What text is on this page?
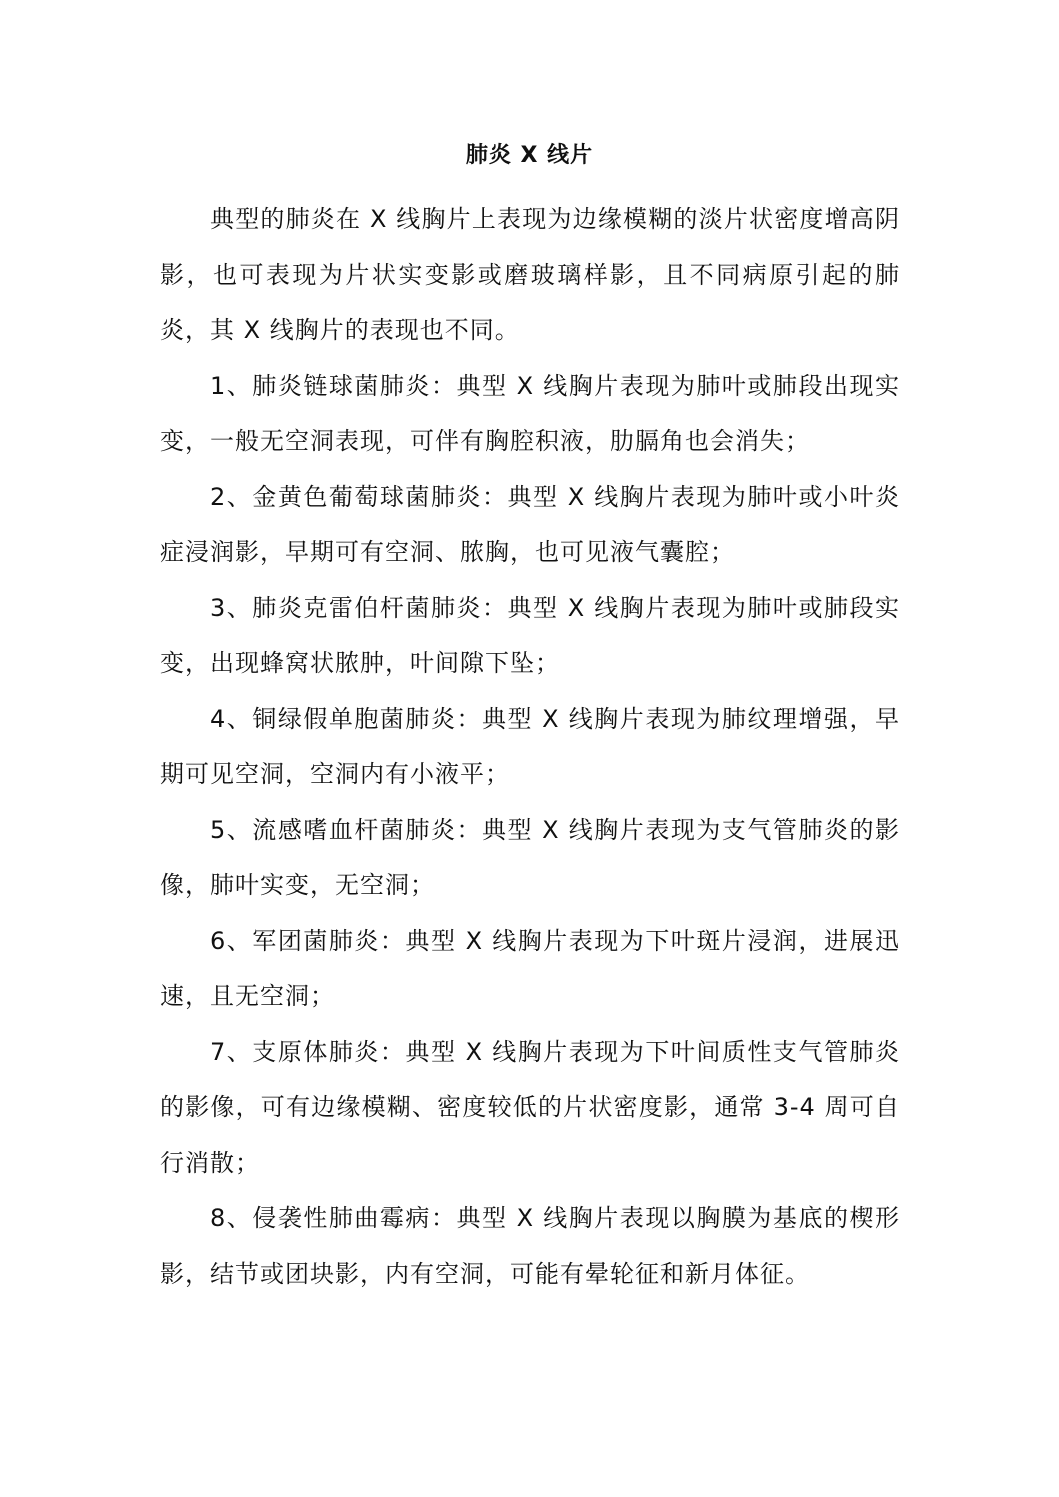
肺炎 X 线片

典型的肺炎在 X 线胸片上表现为边缘模糊的淡片状密度增高阴影，也可表现为片状实变影或磨玻璃样影，且不同病原引起的肺炎，其 X 线胸片的表现也不同。

1、肺炎链球菌肺炎：典型 X 线胸片表现为肺叶或肺段出现实变，一般无空洞表现，可伴有胸腔积液，肋膈角也会消失；

2、金黄色葡萄球菌肺炎：典型 X 线胸片表现为肺叶或小叶炎症浸润影，早期可有空洞、脓胸，也可见液气囊腔；

3、肺炎克雷伯杆菌肺炎：典型 X 线胸片表现为肺叶或肺段实变，出现蜂窝状脓肿，叶间隙下坠；

4、铜绿假单胞菌肺炎：典型 X 线胸片表现为肺纹理增强，早期可见空洞，空洞内有小液平；

5、流感嗜血杆菌肺炎：典型 X 线胸片表现为支气管肺炎的影像，肺叶实变，无空洞；

6、军团菌肺炎：典型 X 线胸片表现为下叶斑片浸润，进展迅速，且无空洞；

7、支原体肺炎：典型 X 线胸片表现为下叶间质性支气管肺炎的影像，可有边缘模糊、密度较低的片状密度影，通常 3-4 周可自行消散；

8、侵袭性肺曲霉病：典型 X 线胸片表现以胸膜为基底的楔形影，结节或团块影，内有空洞，可能有晕轮征和新月体征。
